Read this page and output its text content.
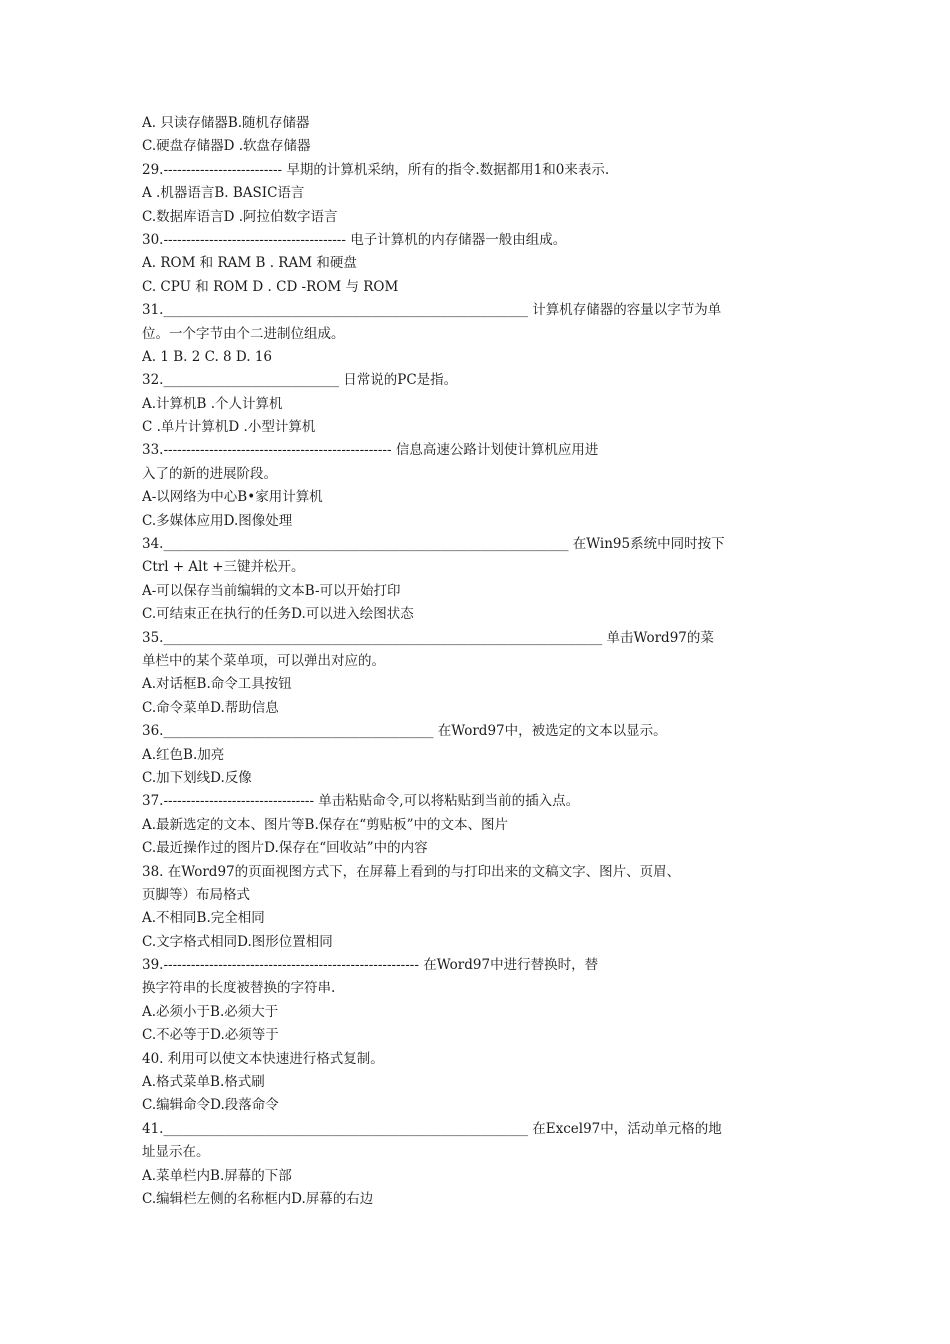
A. 只读存储器B.随机存储器
C.硬盘存储器D .软盘存储器
29.-------------------------- 早期的计算机采纳，所有的指令.数据都用1和0来表示.
A .机器语言B. BASIC语言
C.数据库语言D .阿拉伯数字语言
30.---------------------------------------- 电子计算机的内存储器一般由组成。
A. ROM 和 RAM B . RAM 和硬盘
C. CPU 和 ROM D . CD -ROM 与 ROM
31.______________________________________________________ 计算机存储器的容量以字节为单
位。一个字节由个二进制位组成。
A. 1 B. 2 C. 8 D. 16
32.__________________________ 日常说的PC是指。
A.计算机B .个人计算机
C .单片计算机D .小型计算机
33.-------------------------------------------------- 信息高速公路计划使计算机应用进
入了的新的进展阶段。
A-以网络为中心B•家用计算机
C.多媒体应用D.图像处理
34.____________________________________________________________ 在Win95系统中同时按下
Ctrl + Alt +三键并松开。
A-可以保存当前编辑的文本B-可以开始打印
C.可结束正在执行的任务D.可以进入绘图状态
35._________________________________________________________________ 单击Word97的菜
单栏中的某个菜单项，可以弹出对应的。
A.对话框B.命令工具按钮
C.命令菜单D.帮助信息
36.________________________________________ 在Word97中，被选定的文本以显示。
A.红色B.加亮
C.加下划线D.反像
37.--------------------------------- 单击粘贴命令,可以将粘贴到当前的插入点。
A.最新选定的文本、图片等B.保存在“剪贴板”中的文本、图片
C.最近操作过的图片D.保存在“回收站”中的内容
38. 在Word97的页面视图方式下，在屏幕上看到的与打印出来的文稿文字、图片、页眉、
页脚等）布局格式
A.不相同B.完全相同
C.文字格式相同D.图形位置相同
39.-------------------------------------------------------- 在Word97中进行替换时，替
换字符串的长度被替换的字符串.
A.必须小于B.必须大于
C.不必等于D.必须等于
40. 利用可以使文本快速进行格式复制。
A.格式菜单B.格式刷
C.编辑命令D.段落命令
41.______________________________________________________ 在Excel97中，活动单元格的地
址显示在。
A.菜单栏内B.屏幕的下部
C.编辑栏左侧的名称框内D.屏幕的右边
